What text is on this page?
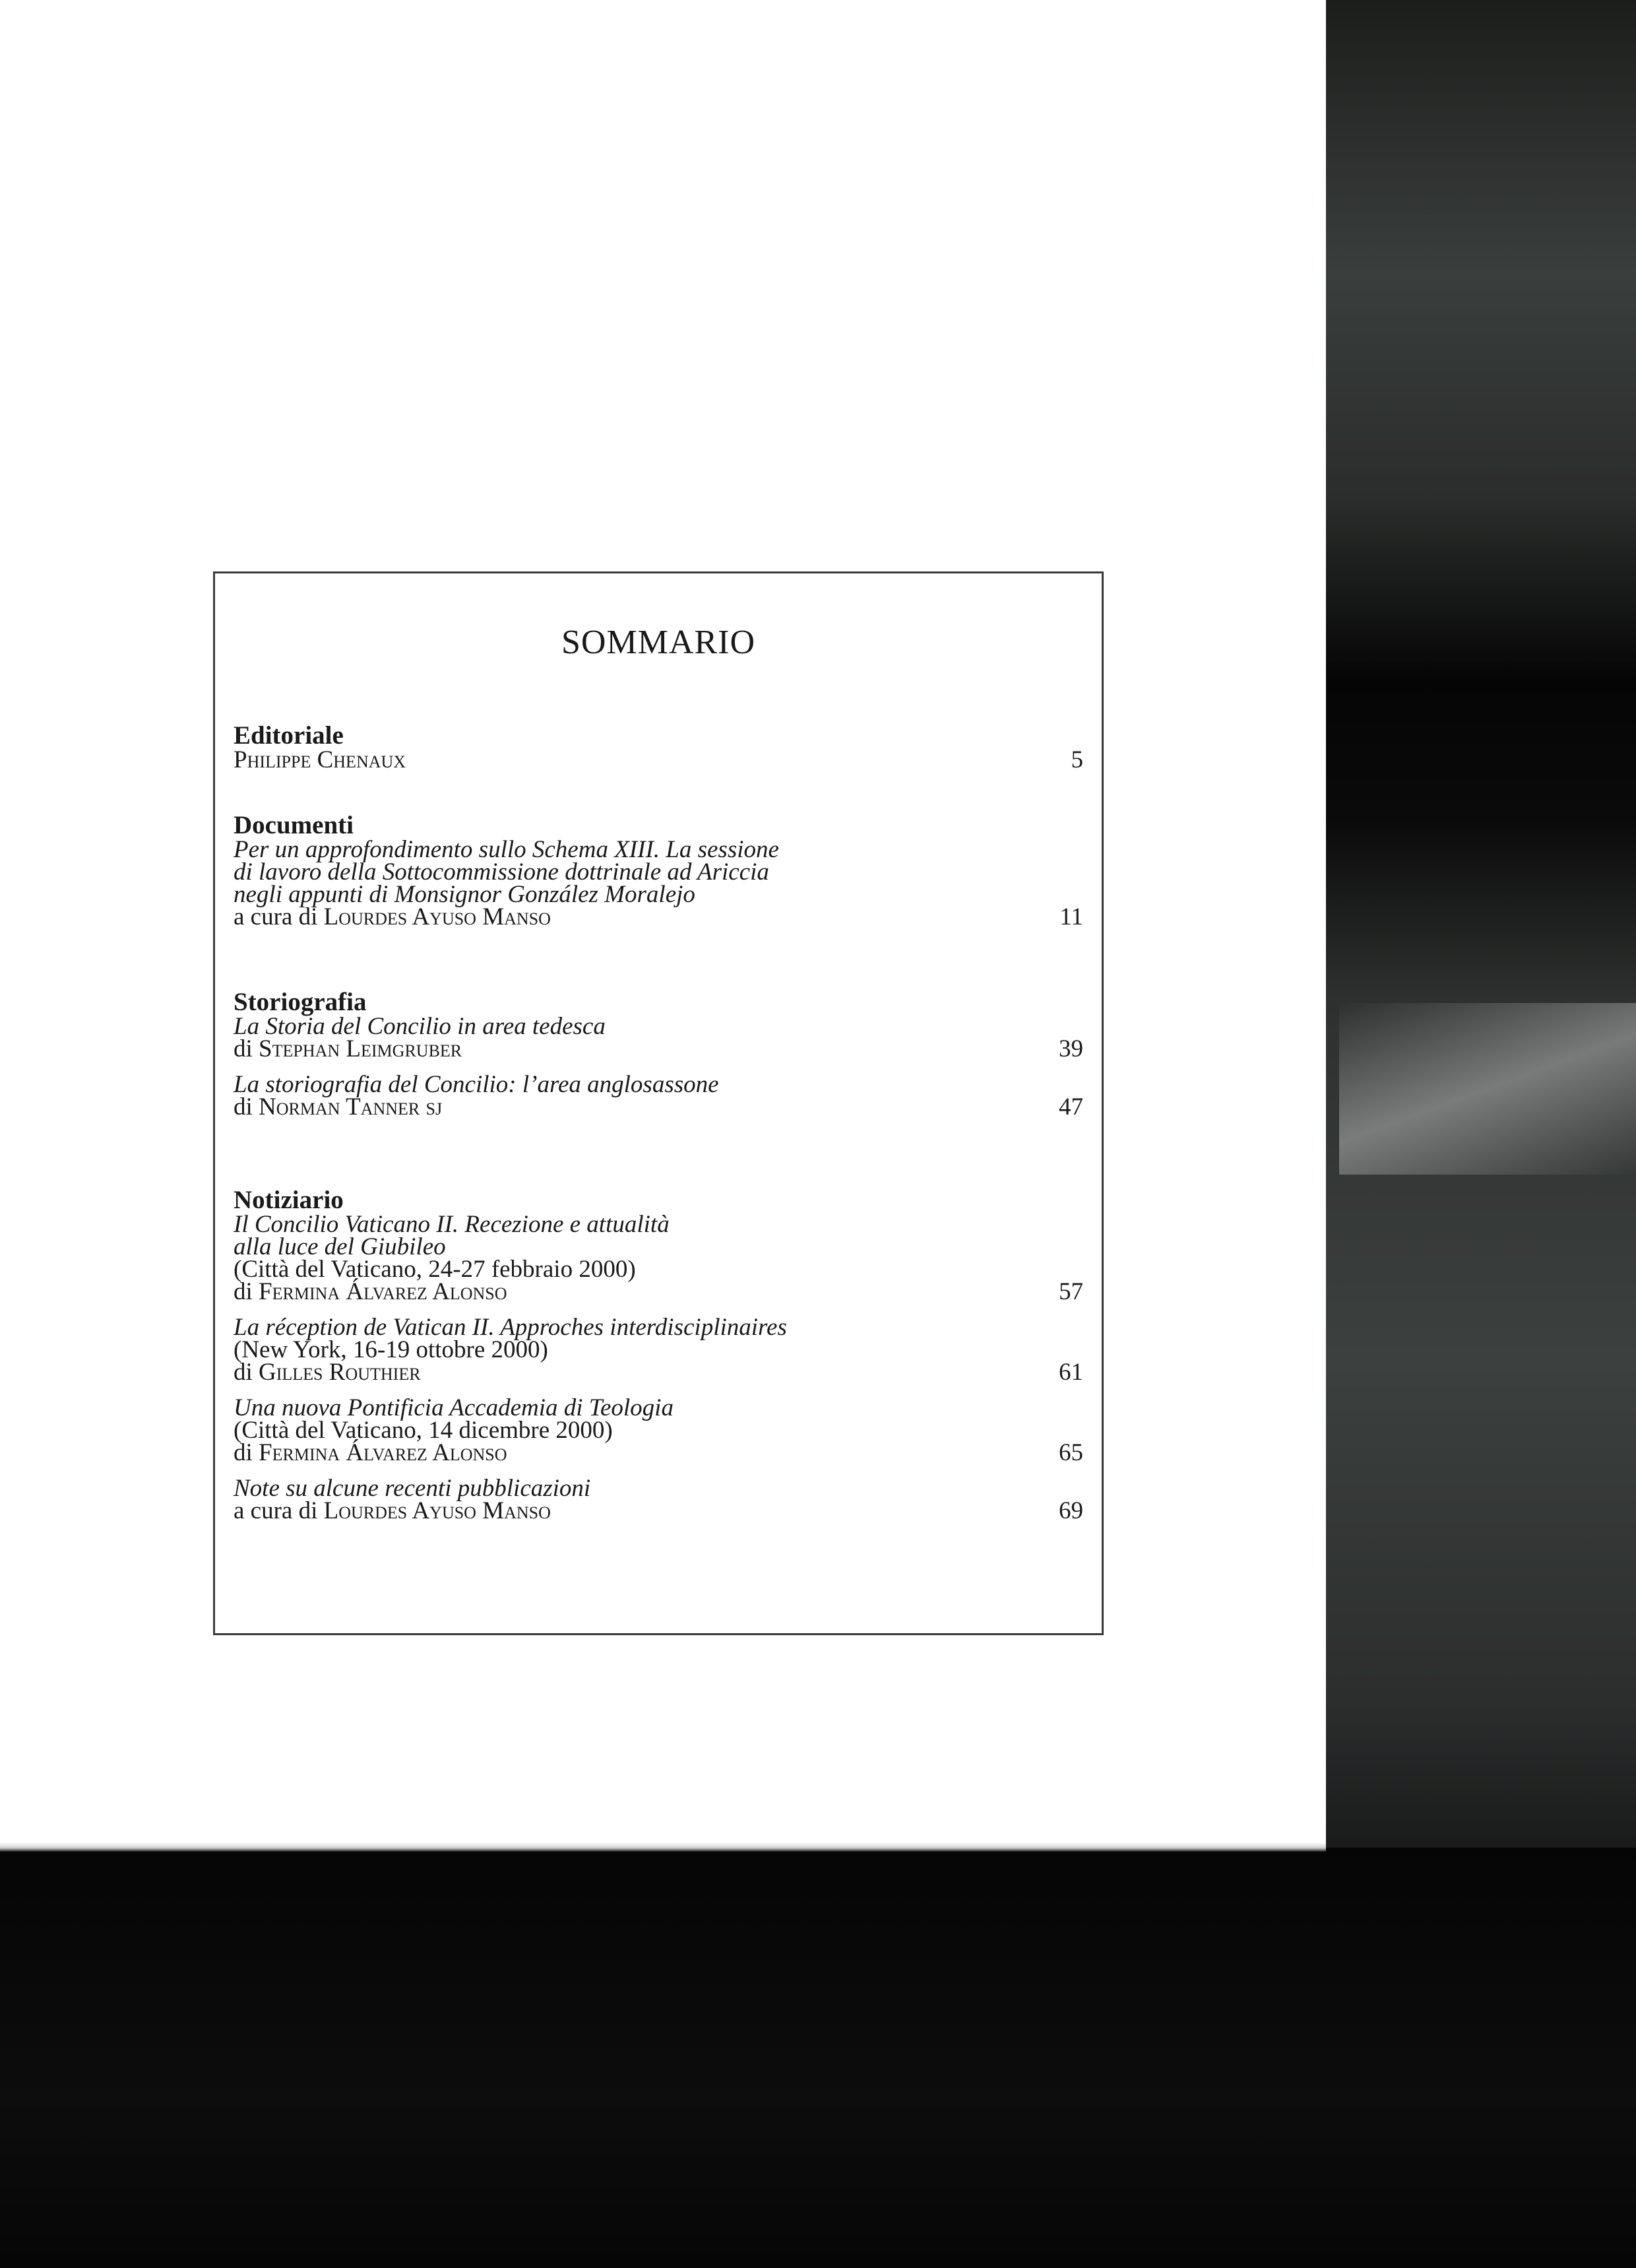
SOMMARIO
Editoriale
Philippe Chenaux	5
Documenti
Per un approfondimento sullo Schema XIII. La sessione
di lavoro della Sottocommissione dottrinale ad Ariccia
negli appunti di Monsignor González Moralejo
a cura di Lourdes Ayuso Manso	11
Storiografia
La Storia del Concilio in area tedesca
di Stephan Leimgruber	39
La storiografia del Concilio: l’area anglosassone
di Norman Tanner sj	47
Notiziario
Il Concilio Vaticano II. Recezione e attualità
alla luce del Giubileo
(Città del Vaticano, 24-27 febbraio 2000)
di Fermina Álvarez Alonso	57
La réception de Vatican II. Approches interdisciplinaires
(New York, 16-19 ottobre 2000)
di Gilles Routhier	61
Una nuova Pontificia Accademia di Teologia
(Città del Vaticano, 14 dicembre 2000)
di Fermina Álvarez Alonso	65
Note su alcune recenti pubblicazioni
a cura di Lourdes Ayuso Manso	69
